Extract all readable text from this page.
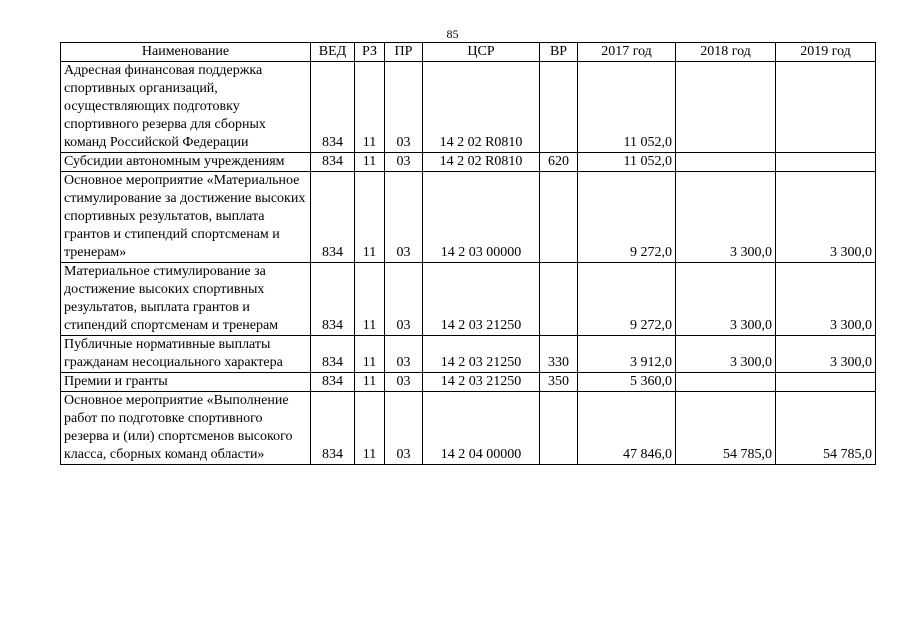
85
Наименование	ВЕД	РЗ	ПР	ЦСР	ВР	2017 год	2018 год	2019 год
Адресная финансовая поддержка спортивных организаций, осуществляющих подготовку спортивного резерва для сборных команд Российской Федерации	834	11	03	14 2 02 R0810		11 052,0		
Субсидии автономным учреждениям	834	11	03	14 2 02 R0810	620	11 052,0		
Основное мероприятие «Материальное стимулирование за достижение высоких спортивных результатов, выплата грантов и стипендий спортсменам и тренерам»	834	11	03	14 2 03 00000		9 272,0	3 300,0	3 300,0
Материальное стимулирование за достижение высоких спортивных результатов, выплата грантов и стипендий спортсменам и тренерам	834	11	03	14 2 03 21250		9 272,0	3 300,0	3 300,0
Публичные нормативные выплаты гражданам несоциального характера	834	11	03	14 2 03 21250	330	3 912,0	3 300,0	3 300,0
Премии и гранты	834	11	03	14 2 03 21250	350	5 360,0		
Основное мероприятие «Выполнение работ по подготовке спортивного резерва и (или) спортсменов высокого класса, сборных команд области»	834	11	03	14 2 04 00000		47 846,0	54 785,0	54 785,0
